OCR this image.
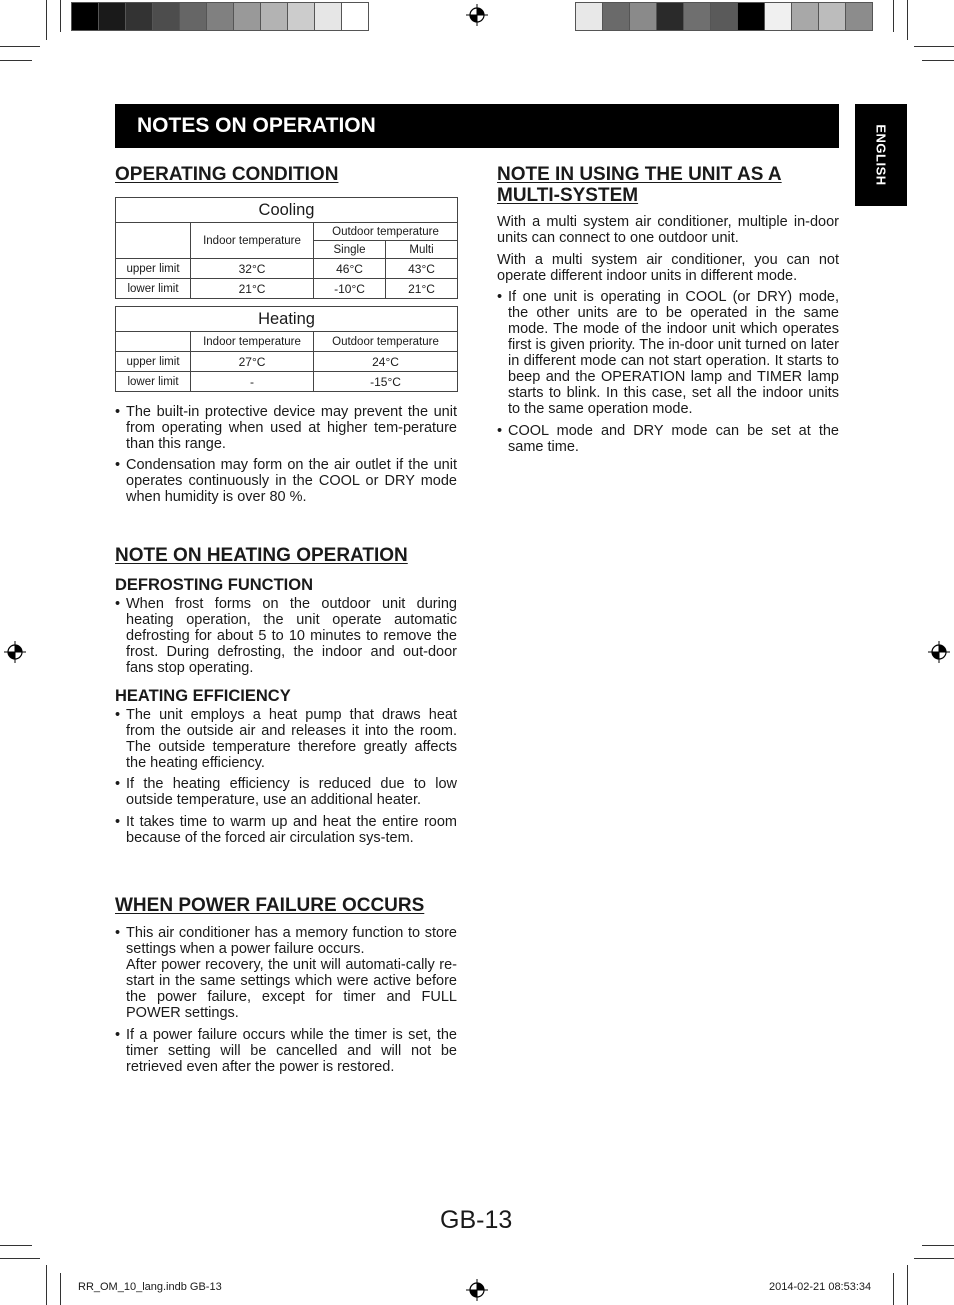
NOTES ON OPERATION	ENGLISH
OPERATING CONDITION
Cooling			
	Indoor temperature	Outdoor temperature	
		Single	Multi
upper limit	32°C	46°C	43°C
lower limit	21°C	-10°C	21°C
Heating		
	Indoor temperature	Outdoor temperature
upper limit	27°C	24°C
lower limit	-	-15°C
• The built-in protective device may prevent the unit from operating when used at higher tem-perature than this range.
• Condensation may form on the air outlet if the unit operates continuously in the COOL or DRY mode when humidity is over 80 %.
NOTE ON HEATING OPERATION
DEFROSTING FUNCTION
• When frost forms on the outdoor unit during heating operation, the unit operate automatic defrosting for about 5 to 10 minutes to remove the frost. During defrosting, the indoor and out-door fans stop operating.
HEATING EFFICIENCY
• The unit employs a heat pump that draws heat from the outside air and releases it into the room. The outside temperature therefore greatly affects the heating efficiency.
• If the heating efficiency is reduced due to low outside temperature, use an additional heater.
• It takes time to warm up and heat the entire room because of the forced air circulation sys-tem.
WHEN POWER FAILURE OCCURS
• This air conditioner has a memory function to store settings when a power failure occurs.
After power recovery, the unit will automati-cally re-start in the same settings which were active before the power failure, except for timer and FULL POWER settings.
• If a power failure occurs while the timer is set, the timer setting will be cancelled and will not be retrieved even after the power is restored.
NOTE IN USING THE UNIT AS A
MULTI-SYSTEM

With a multi system air conditioner, multiple in-door units can connect to one outdoor unit.

With a multi system air conditioner, you can not operate different indoor units in different mode.

• If one unit is operating in COOL (or DRY) mode, the other units are to be operated in the same mode. The mode of the indoor unit which operates first is given priority. The in-door unit turned on later in different mode can not start operation. It starts to beep and the OPERATION lamp and TIMER lamp starts to blink. In this case, set all the indoor units to the same operation mode.
• COOL mode and DRY mode can be set at the same time.
GB-13
RR_OM_10_lang.indb GB-13	2014-02-21 08:53:34
